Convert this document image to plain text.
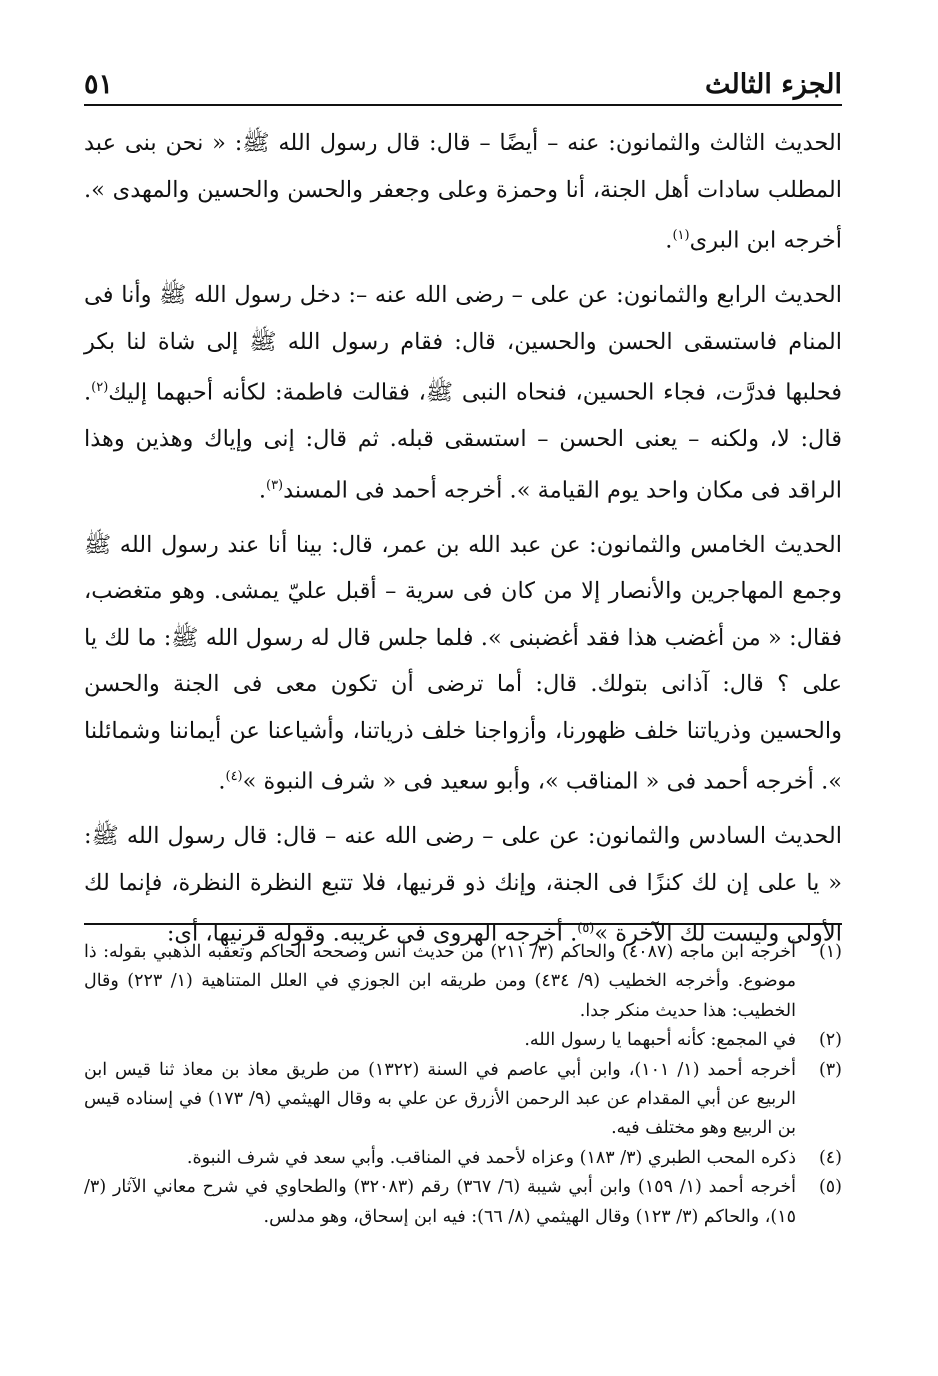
الجزء الثالث
٥١

الحديث الثالث والثمانون: عنه – أيضًا – قال: قال رسول الله ﷺ: « نحن بنى عبد المطلب سادات أهل الجنة، أنا وحمزة وعلى وجعفر والحسن والحسين والمهدى ». أخرجه ابن البرى$^{(١)}$.

الحديث الرابع والثمانون: عن على – رضى الله عنه –: دخل رسول الله ﷺ وأنا فى المنام فاستسقى الحسن والحسين، قال: فقام رسول الله ﷺ إلى شاة لنا بكر فحلبها فدرَّت، فجاء الحسين، فنحاه النبى ﷺ، فقالت فاطمة: لكأنه أحبهما إليك$^{(٢)}$. قال: لا، ولكنه – يعنى الحسن – استسقى قبله. ثم قال: إنى وإياك وهذين وهذا الراقد فى مكان واحد يوم القيامة ». أخرجه أحمد فى المسند$^{(٣)}$.

الحديث الخامس والثمانون: عن عبد الله بن عمر، قال: بينا أنا عند رسول الله ﷺ وجمع المهاجرين والأنصار إلا من كان فى سرية – أقبل عليّ يمشى. وهو متغضب، فقال: « من أغضب هذا فقد أغضبنى ». فلما جلس قال له رسول الله ﷺ: ما لك يا على ؟ قال: آذانى بتولك. قال: أما ترضى أن تكون معى فى الجنة والحسن والحسين وذرياتنا خلف ظهورنا، وأزواجنا خلف ذرياتنا، وأشياعنا عن أيماننا وشمائلنا ». أخرجه أحمد فى « المناقب »، وأبو سعيد فى « شرف النبوة »$^{(٤)}$.

الحديث السادس والثمانون: عن على – رضى الله عنه – قال: قال رسول الله ﷺ: « يا على إن لك كنزًا فى الجنة، وإنك ذو قرنيها، فلا تتبع النظرة النظرة، فإنما لك الأولى وليست لك الآخرة »$^{(٥)}$. أخرجه الهروى فى غريبه. وقوله قرنيها، أى:

(١)
أخرجه ابن ماجه (٤٠٨٧) والحاكم (٣/ ٢١١) من حديث أنس وصححه الحاكم وتعقبه الذهبي بقوله: ذا موضوع. وأخرجه الخطيب (٩/ ٤٣٤) ومن طريقه ابن الجوزي في العلل المتناهية (١/ ٢٢٣) وقال الخطيب: هذا حديث منكر جدا.
(٢)
في المجمع: كأنه أحبهما يا رسول الله.
(٣)
أخرجه أحمد (١/ ١٠١)، وابن أبي عاصم في السنة (١٣٢٢) من طريق معاذ بن معاذ ثنا قيس ابن الربيع عن أبي المقدام عن عبد الرحمن الأزرق عن علي به وقال الهيثمي (٩/ ١٧٣) في إسناده قيس بن الربيع وهو مختلف فيه.
(٤)
ذكره المحب الطبري (٣/ ١٨٣) وعزاه لأحمد في المناقب. وأبي سعد في شرف النبوة.
(٥)
أخرجه أحمد (١/ ١٥٩) وابن أبي شيبة (٦/ ٣٦٧) رقم (٣٢٠٨٣) والطحاوي في شرح معاني الآثار (٣/ ١٥)، والحاكم (٣/ ١٢٣) وقال الهيثمي (٨/ ٦٦): فيه ابن إسحاق، وهو مدلس.
